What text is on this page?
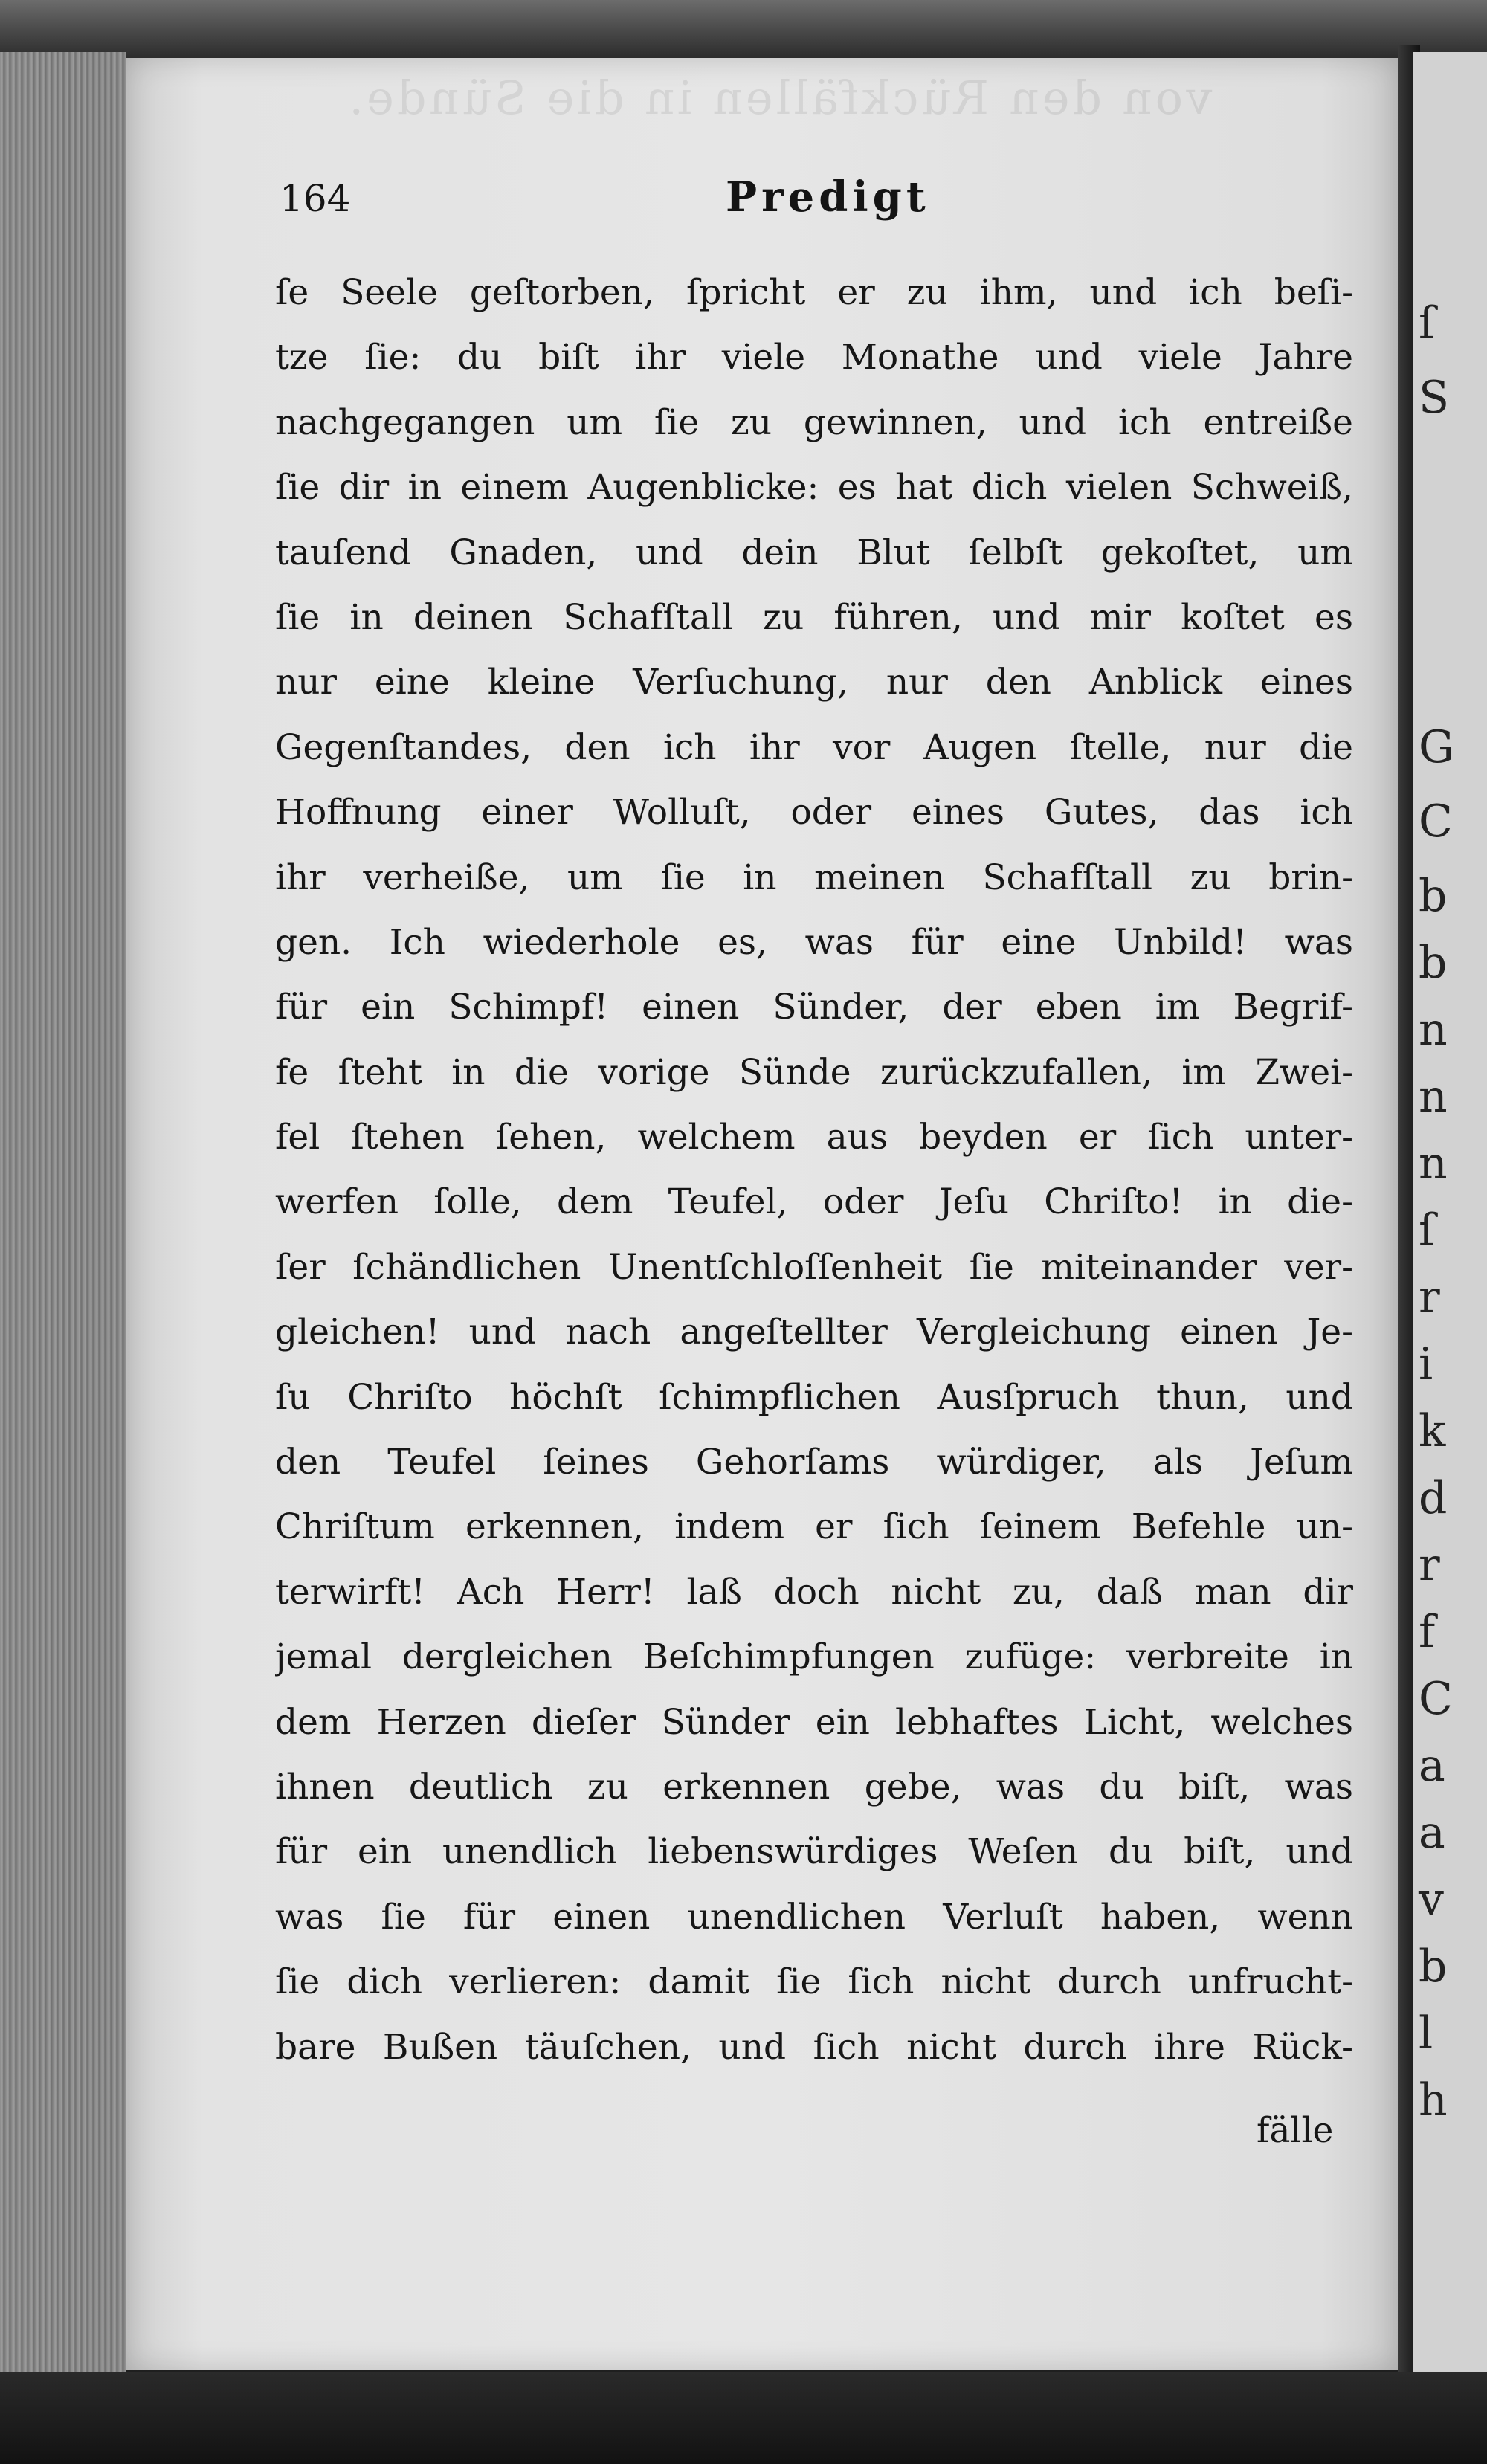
ſ
S
G
C
b
b
n
n
n
ſ
r
i
k
d
r
f
C
a
a
v
b
l
h
von den Rückfällen in die Sünde.
164	Predigt
ſe Seele geſtorben, ſpricht er zu ihm, und ich beſi-
tze ſie: du biſt ihr viele Monathe und viele Jahre
nachgegangen um ſie zu gewinnen, und ich entreiße
ſie dir in einem Augenblicke: es hat dich vielen Schweiß,
tauſend Gnaden, und dein Blut ſelbſt gekoſtet, um
ſie in deinen Schafſtall zu führen, und mir koſtet es
nur eine kleine Verſuchung, nur den Anblick eines
Gegenſtandes, den ich ihr vor Augen ſtelle, nur die
Hoffnung einer Wolluſt, oder eines Gutes, das ich
ihr verheiße, um ſie in meinen Schafſtall zu brin-
gen. Ich wiederhole es, was für eine Unbild! was
für ein Schimpf! einen Sünder, der eben im Begrif-
fe ſteht in die vorige Sünde zurückzufallen, im Zwei-
fel ſtehen ſehen, welchem aus beyden er ſich unter-
werfen ſolle, dem Teufel, oder Jeſu Chriſto! in die-
ſer ſchändlichen Unentſchloſſenheit ſie miteinander ver-
gleichen! und nach angeſtellter Vergleichung einen Je-
ſu Chriſto höchſt ſchimpflichen Ausſpruch thun, und
den Teufel ſeines Gehorſams würdiger, als Jeſum
Chriſtum erkennen, indem er ſich ſeinem Befehle un-
terwirft! Ach Herr! laß doch nicht zu, daß man dir
jemal dergleichen Beſchimpfungen zufüge: verbreite in
dem Herzen dieſer Sünder ein lebhaftes Licht, welches
ihnen deutlich zu erkennen gebe, was du biſt, was
für ein unendlich liebenswürdiges Weſen du biſt, und
was ſie für einen unendlichen Verluſt haben, wenn
ſie dich verlieren: damit ſie ſich nicht durch unfrucht-
bare Bußen täuſchen, und ſich nicht durch ihre Rück-
fälle
